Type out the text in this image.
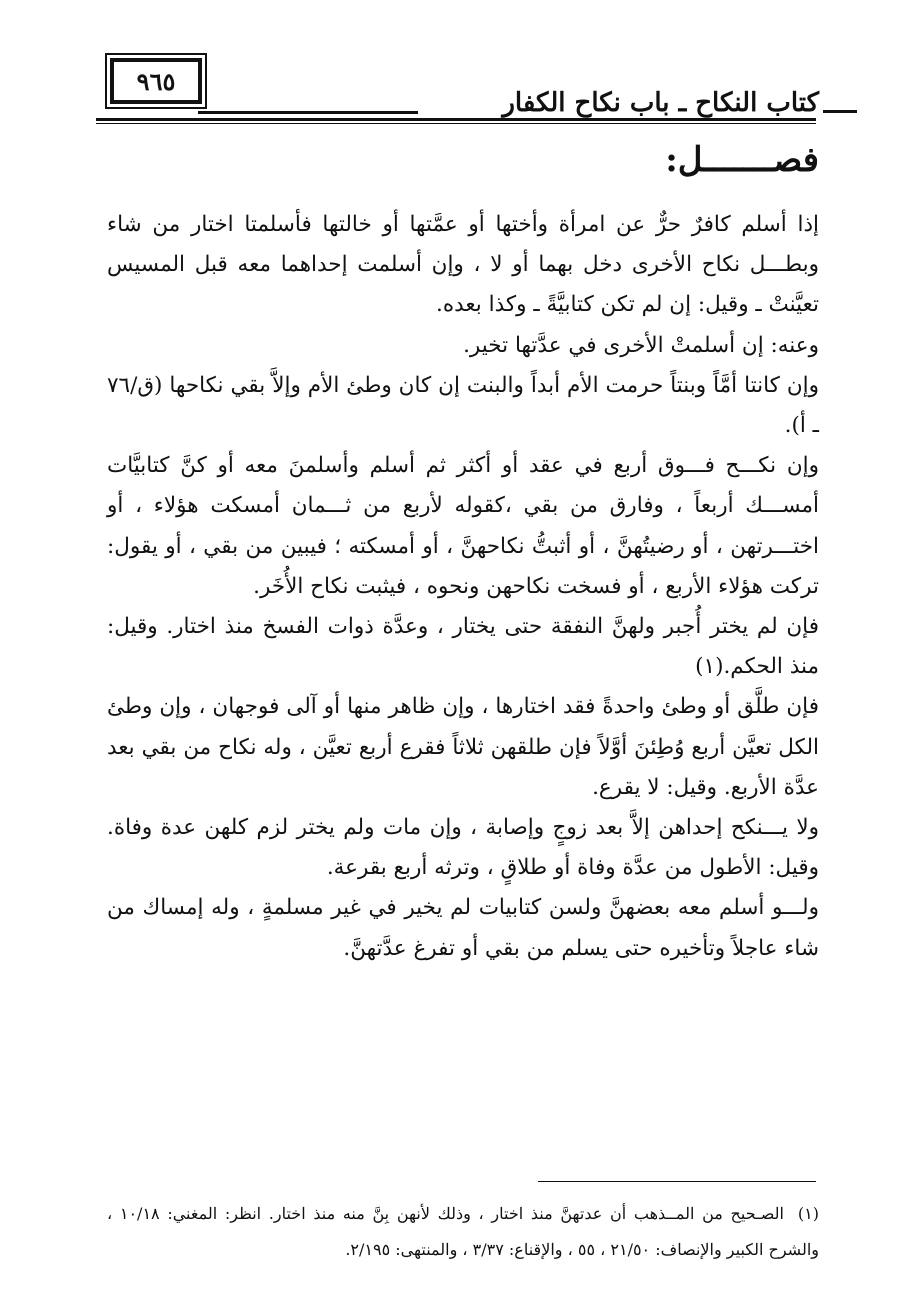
٩٦٥
كتاب النكاح ـ باب نكاح الكفار
فصـــــــل:

إذا أسلم كافرٌ حرٌّ عن امرأة وأختها أو عمَّتها أو خالتها فأسلمتا اختار من شاء وبطـــل نكاح الأخرى دخل بهما أو لا ، وإن أسلمت إحداهما معه قبل المسيس تعيَّنتْ ـ وقيل: إن لم تكن كتابيَّةً ـ وكذا بعده.

وعنه: إن أسلمتْ الأخرى في عدَّتها تخير.

وإن كانتا أمَّاً وبنتاً حرمت الأم أبداً والبنت إن كان وطئ الأم وإلاَّ بقي نكاحها (ق/٧٦ ـ أ).

وإن نكـــح فـــوق أربع في عقد أو أكثر ثم أسلم وأسلمنَ معه أو كنَّ كتابيَّات أمســـك أربعاً ، وفارق من بقي ،كقوله لأربع من ثـــمان أمسكت هؤلاء ، أو اختـــرتهن ، أو رضيتُهنَّ ، أو أثبتُّ نكاحهنَّ ، أو أمسكته ؛ فيبين من بقي ، أو يقول: تركت هؤلاء الأربع ، أو فسخت نكاحهن ونحوه ، فيثبت نكاح الأُخَر.

فإن لم يختر أُجبر ولهنَّ النفقة حتى يختار ، وعدَّة ذوات الفسخ منذ اختار. وقيل: منذ الحكم.(١)

فإن طلَّق أو وطئ واحدةً فقد اختارها ، وإن ظاهر منها أو آلى فوجهان ، وإن وطئ الكل تعيَّن أربع وُطِئنَ أوَّلاً فإن طلقهن ثلاثاً فقرع أربع تعيَّن ، وله نكاح من بقي بعد عدَّة الأربع. وقيل: لا يقرع.

ولا يـــنكح إحداهن إلاَّ بعد زوجٍ وإصابة ، وإن مات ولم يختر لزم كلهن عدة وفاة. وقيل: الأطول من عدَّة وفاة أو طلاقٍ ، وترثه أربع بقرعة.

ولـــو أسلم معه بعضهنَّ ولسن كتابيات لم يخير في غير مسلمةٍ ، وله إمساك من شاء عاجلاً وتأخيره حتى يسلم من بقي أو تفرغ عدَّتهنَّ.

(١)الصـحيح من المــذهب أن عدتهنَّ منذ اختار ، وذلك لأنهن بِنَّ منه منذ اختار. انظر: المغني: ١٠/١٨ ، والشرح الكبير والإنصاف: ٢١/٥٠ ، ٥٥ ، والإقناع: ٣/٣٧ ، والمنتهى: ٢/١٩٥.
